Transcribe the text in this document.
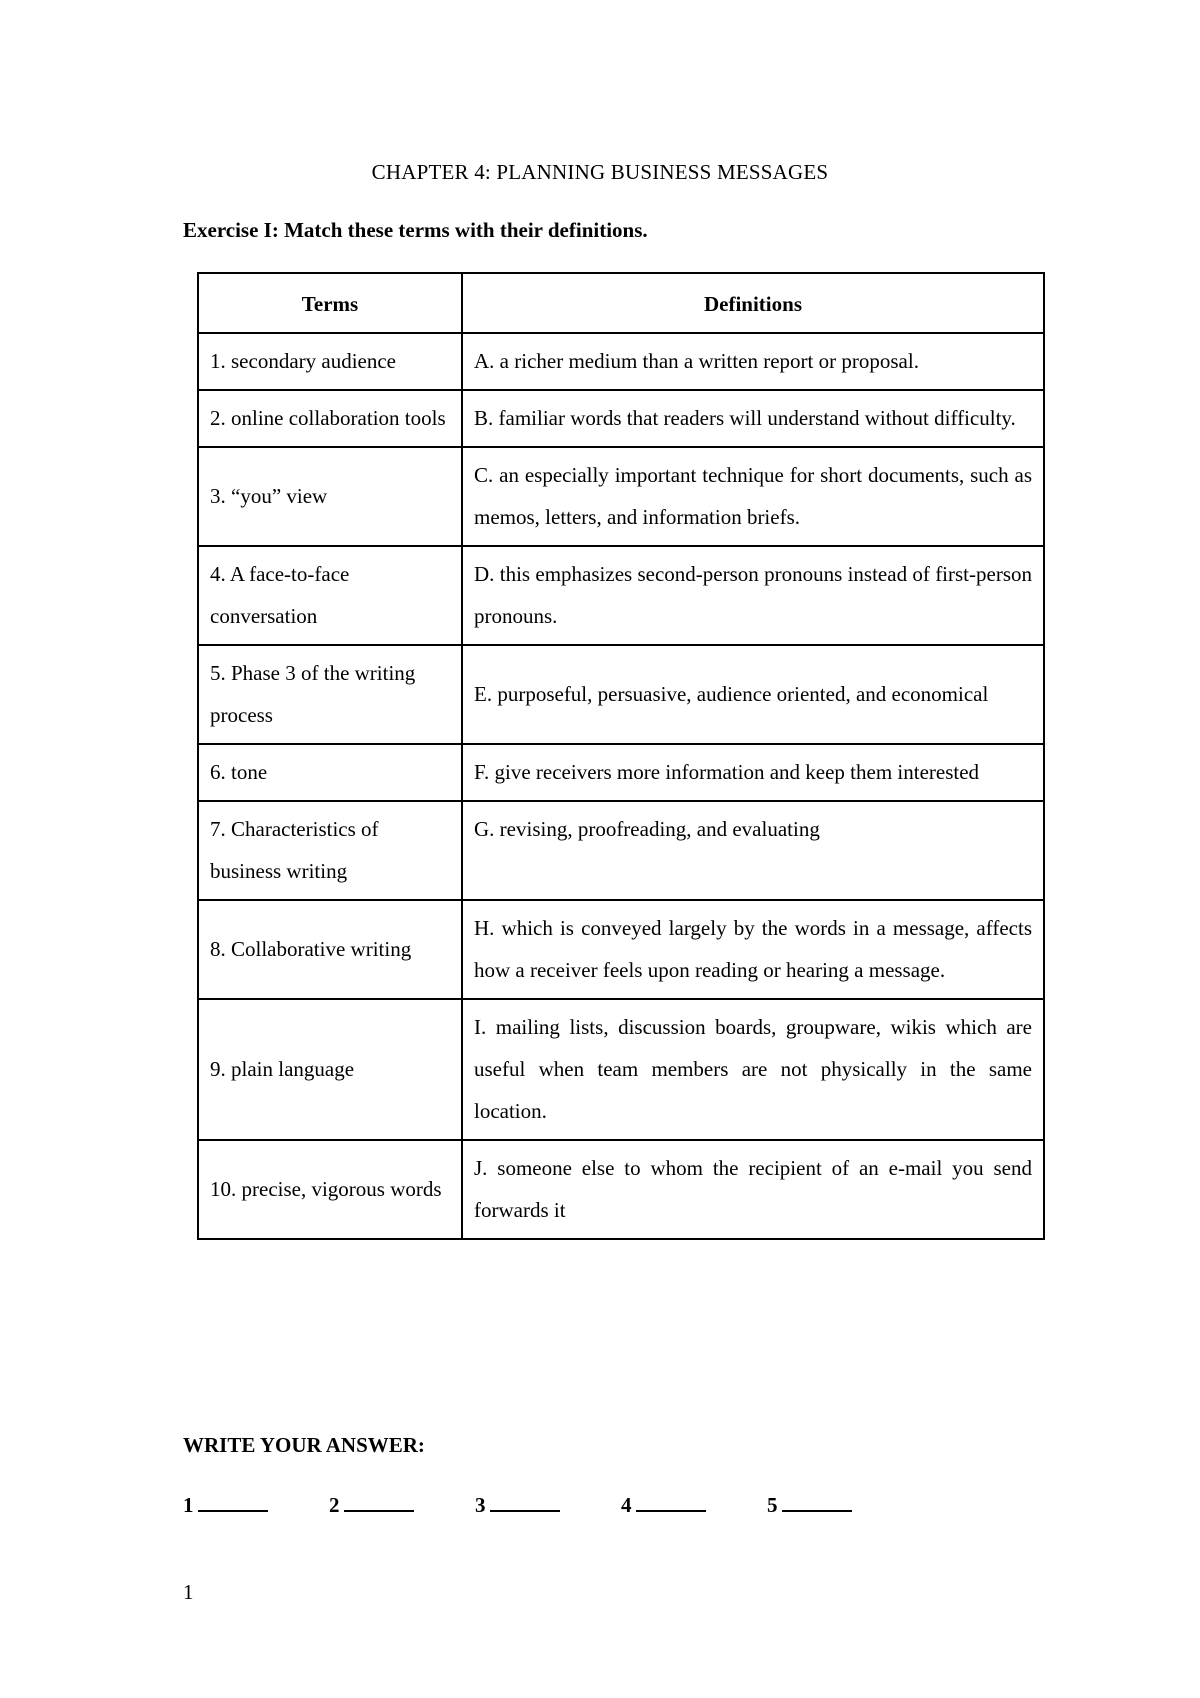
CHAPTER 4: PLANNING BUSINESS MESSAGES
Exercise I: Match these terms with their definitions.
Terms	Definitions
1. secondary audience	A. a richer medium than a written report or proposal.
2. online collaboration tools	B. familiar words that readers will understand without difficulty.
3. “you” view	C. an especially important technique for short documents, such as memos, letters, and information briefs.
4. A face-to-face conversation	D. this emphasizes second-person pronouns instead of first-person pronouns.
5. Phase 3 of the writing process	E. purposeful, persuasive, audience oriented, and economical
6. tone	F. give receivers more information and keep them interested
7. Characteristics of business writing	G. revising, proofreading, and evaluating
8. Collaborative writing	H. which is conveyed largely by the words in a message, affects how a receiver feels upon reading or hearing a message.
9. plain language	I. mailing lists, discussion boards, groupware, wikis which are useful when team members are not physically in the same location.
10. precise, vigorous words	J. someone else to whom the recipient of an e-mail you send forwards it
WRITE YOUR ANSWER:
1	2	3	4	5
1
